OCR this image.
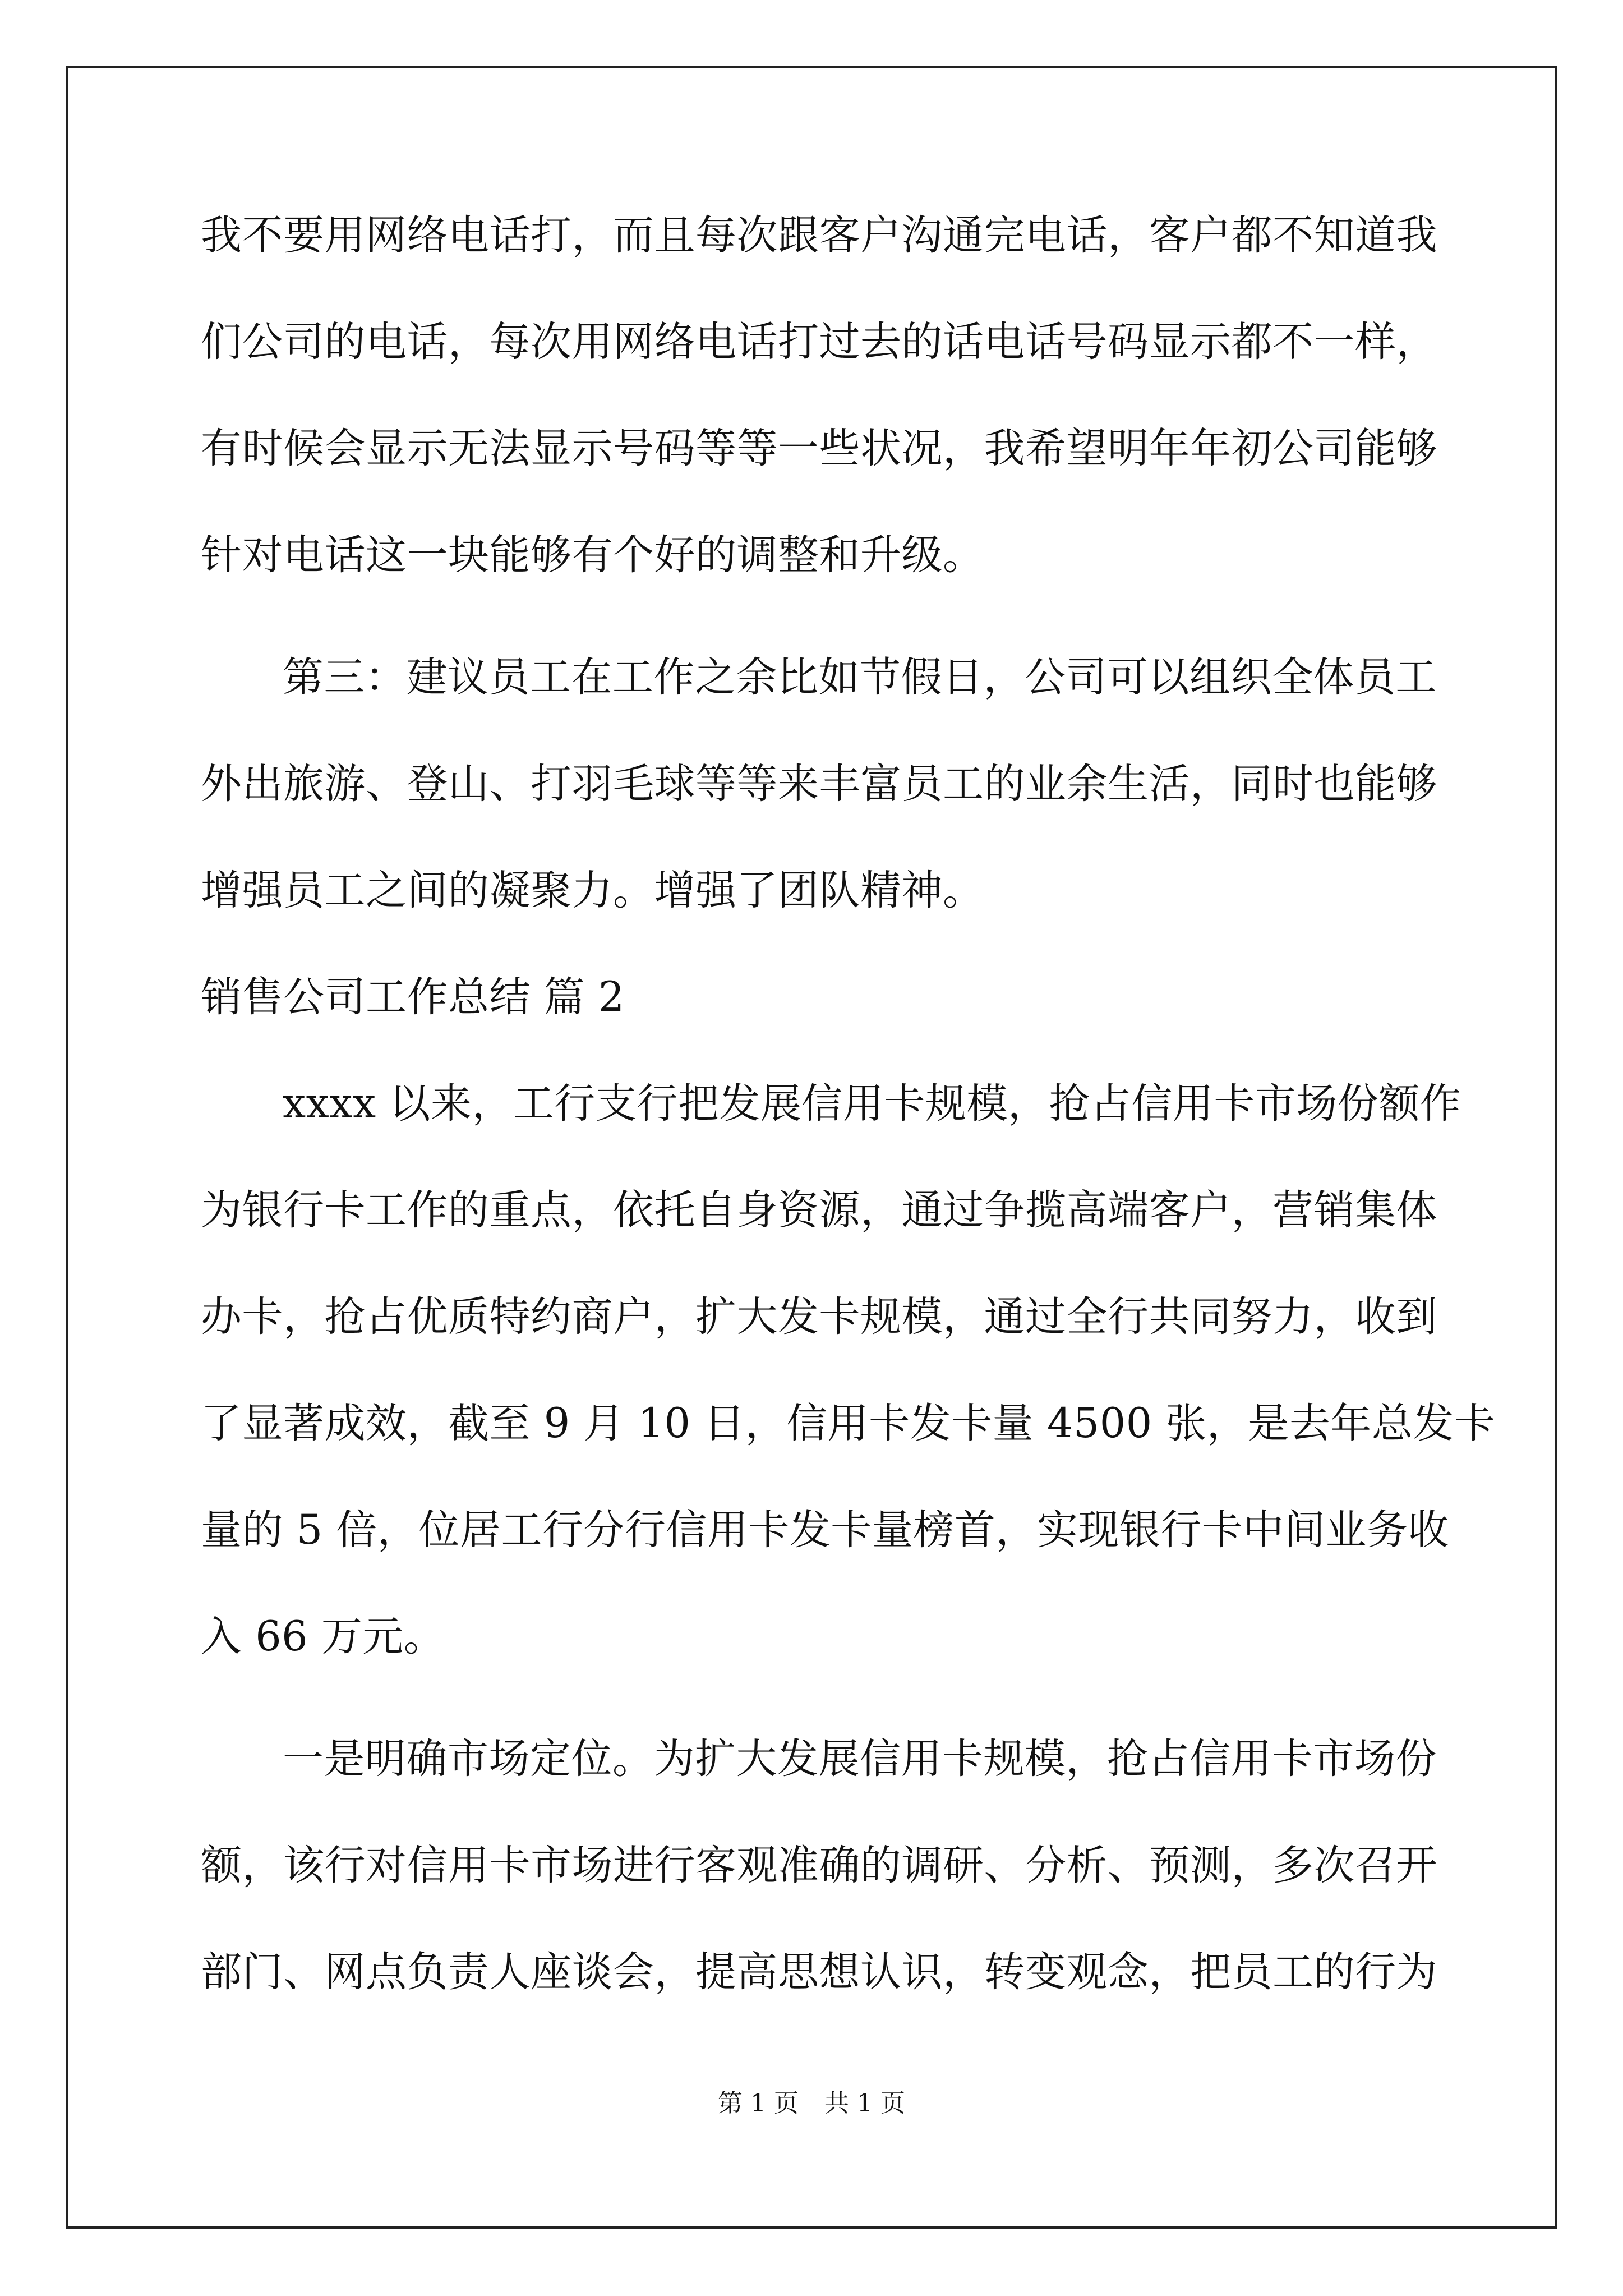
我不要用网络电话打，而且每次跟客户沟通完电话，客户都不知道我
们公司的电话，每次用网络电话打过去的话电话号码显示都不一样，
有时候会显示无法显示号码等等一些状况，我希望明年年初公司能够
针对电话这一块能够有个好的调整和升级。
第三：建议员工在工作之余比如节假日，公司可以组织全体员工
外出旅游、登山、打羽毛球等等来丰富员工的业余生活，同时也能够
增强员工之间的凝聚力。增强了团队精神。
销售公司工作总结 篇 2
xxxx 以来，工行支行把发展信用卡规模，抢占信用卡市场份额作
为银行卡工作的重点，依托自身资源，通过争揽高端客户，营销集体
办卡，抢占优质特约商户，扩大发卡规模，通过全行共同努力，收到
了显著成效，截至 9 月 10 日，信用卡发卡量 4500 张，是去年总发卡
量的 5 倍，位居工行分行信用卡发卡量榜首，实现银行卡中间业务收
入 66 万元。
一是明确市场定位。为扩大发展信用卡规模，抢占信用卡市场份
额，该行对信用卡市场进行客观准确的调研、分析、预测，多次召开
部门、网点负责人座谈会，提高思想认识，转变观念，把员工的行为
第 1 页 共 1 页
